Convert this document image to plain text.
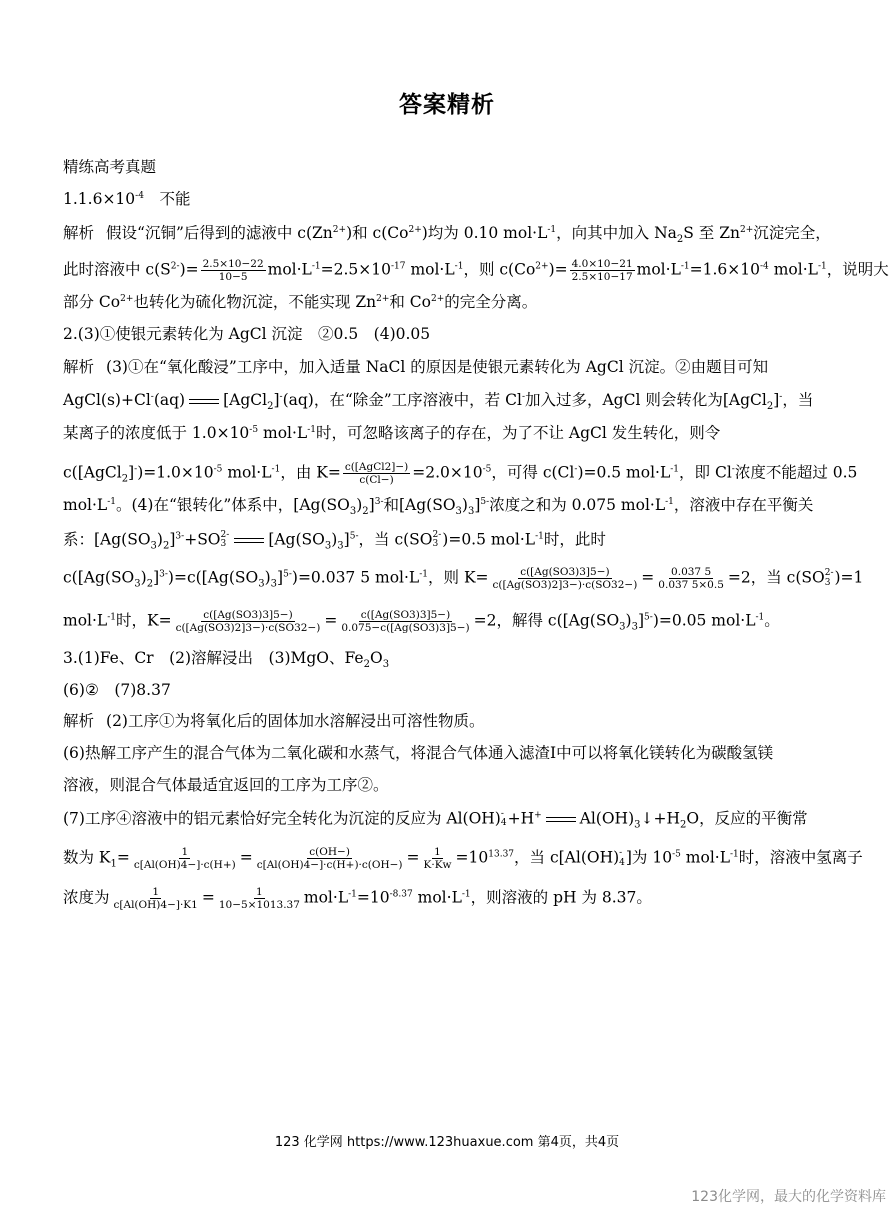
答案精析
精练高考真题
$1.1.6\times 10^{-4}$　 不能
解析 假设“沉铜”后得到的滤液中 $c(Zn^{2+})$和 $c(Co^{2+})$均为 0.10 $mol\cdot L^{-1}$，向其中加入 $Na_2S$ 至 $Zn^{2+}$沉淀完全，
此时溶液中 $c(S^{2-})= \frac{2.5\times 10-22}{10-5} mol\cdot L^{-1}=2.5\times 10^{-17}$ $mol\cdot L^{-1}$，则 $c(Co^{2+})= \frac{4.0\times 10-21}{2.5\times 10-17} mol\cdot L^{-1}=1.6\times 10^{-4}$ $mol\cdot L^{-1}$，说明大
部分 $Co^{2+}$也转化为硫化物沉淀，不能实现 $Zn^{2+}$和 $Co^{2+}$的完全分离。
2.(3)①使银元素转化为 AgCl 沉淀　②0.5　(4)0.05
解析 (3)①在“氧化酸浸”工序中，加入适量 NaCl 的原因是使银元素转化为 AgCl 沉淀。②由题目可知
AgCl(s)+Cl-(aq) [AgCl$_2$]-(aq)，在“除金”工序溶液中，若 Cl-加入过多，AgCl 则会转化为[AgCl$_2$]-，当
某离子的浓度低于 $1.0\times 10^{-5}$ $mol\cdot L^{-1}$时，可忽略该离子的存在，为了不让 AgCl 发生转化，则令
$c([AgCl_2]^-)=1.0\times 10^{-5}$ $mol\cdot L^{-1}$，由 $K= \frac{\text{c([AgCl2]−)}}{c(Cl-)} =2.0\times 10^{-5}$，可得 c(Cl-)=0.5 $mol\cdot L^{-1}$，即 Cl-浓度不能超过 0.5
$mol\cdot L^{-1}$。(4)在“银转化”体系中，$[Ag(SO_3)_2]^{3-}$和$[Ag(SO_3)_3]^{5-}$浓度之和为 0.075 $mol\cdot L^{-1}$，溶液中存在平衡关
系：$[Ag(SO_3)_2]^{3-}+SO$ 2-
3	$[Ag(SO_3)_3]^{5-}$，当 c(SO 2-
3 )=0.5 $mol\cdot L^{-1}$时，此时
$c([Ag(SO_3)_2]^{3-})=c([Ag(SO_3)_3]^{5-})=0.037$ 5 $mol\cdot L^{-1}$，则 $K= \frac{c([Ag(SO3)3]5-)}{c([Ag(SO3)2]3-)\cdot c(SO32-)} = \frac{0.037 5}{0.037 5\times 0.5} =2$，当 c(SO 2-
3 )=1
$mol\cdot L^{-1}$时，$K= \frac{c([Ag(SO3)3]5-)}{c([Ag(SO3)2]3-)\cdot c(SO32-)} = \frac{c([Ag(SO3)3]5-)}{0.075-c([Ag(SO3)3]5-)} =2$，解得 $c([Ag(SO_3)_3]^{5-})=0.05$ $mol\cdot L^{-1}$。
3.(1)Fe、Cr　(2)溶解浸出　(3)MgO、$Fe_2O_3$
(6)②　(7)8.37
解析 (2)工序①为将氧化后的固体加水溶解浸出可溶性物质。
(6)热解工序产生的混合气体为二氧化碳和水蒸气，将混合气体通入滤渣Ⅰ中可以将氧化镁转化为碳酸氢镁
溶液，则混合气体最适宜返回的工序为工序②。
(7)工序④溶液中的铝元素恰好完全转化为沉淀的反应为 Al(OH) -
4 +H+ $Al(OH)_3↓+H_2O$，反应的平衡常
数为 $K_1= \frac{1}{c[Al(OH)4-]\cdot c(H+)} = \frac{c(OH-)}{c[Al(OH)4-]\cdot c(H+)\cdot c(OH-)} = \frac{1}{K\cdot Kw} =10^{13.37}$，当 c[Al(OH) -
4 ]为 $10^{-5}$ $mol\cdot L^{-1}$时，溶液中氢离子
浓度为 $\frac{1}{c[Al(OH)4-]\cdot K1} = \frac{1}{10-5\times 1013.37} mol\cdot L^{-1}=10^{-8.37}$ $mol\cdot L^{-1}$，则溶液的 pH 为 8.37。
123 化学网 https://www.123huaxue.com 第4页，共4页
123化学网，最大的化学资料库
